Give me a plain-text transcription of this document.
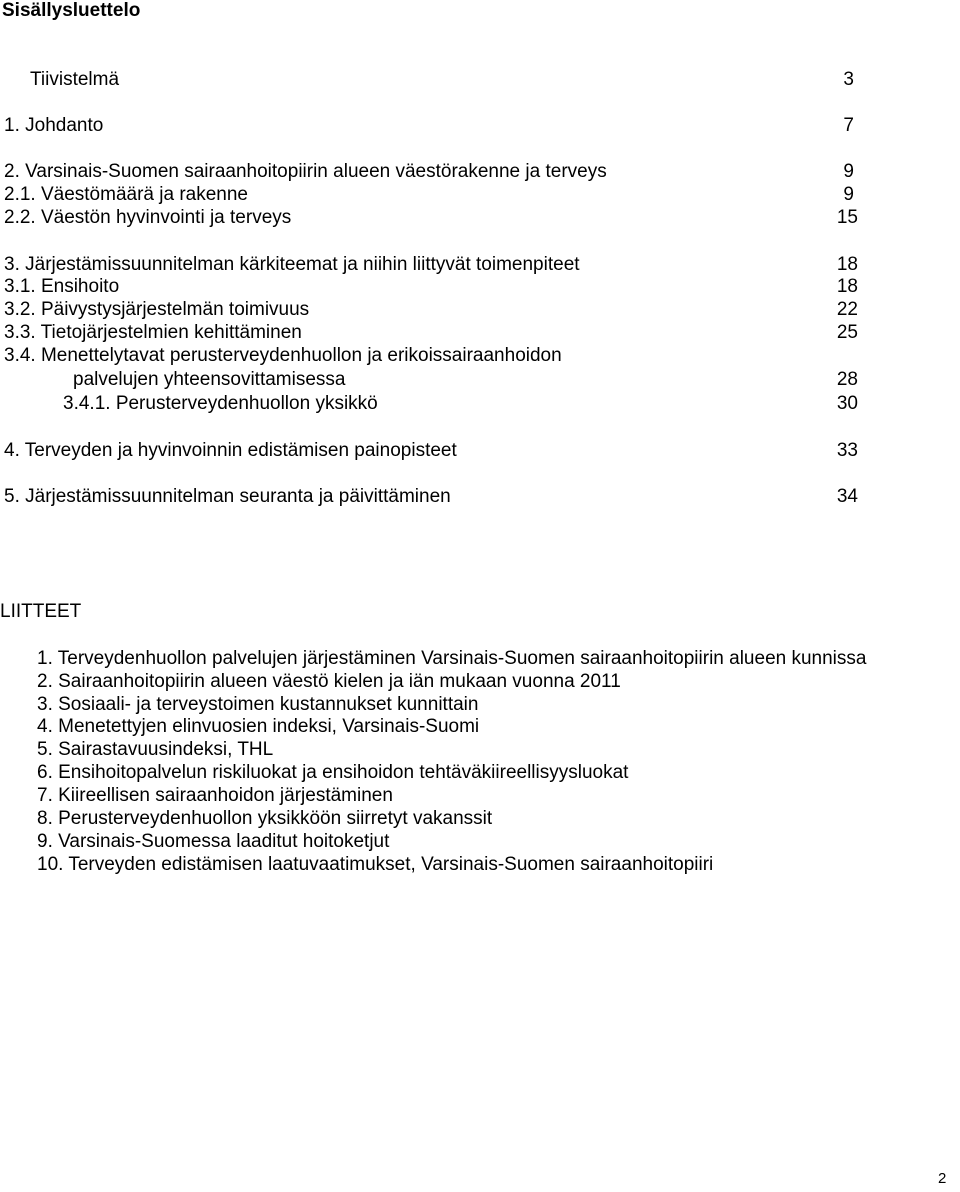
Sisällysluettelo
Tiivistelmä	3
1. Johdanto	7
2. Varsinais-Suomen sairaanhoitopiirin alueen väestörakenne ja terveys	9
2.1. Väestömäärä ja rakenne	9
2.2. Väestön hyvinvointi ja terveys	15
3. Järjestämissuunnitelman kärkiteemat ja niihin liittyvät toimenpiteet	18
3.1. Ensihoito	18
3.2. Päivystysjärjestelmän toimivuus	22
3.3. Tietojärjestelmien kehittäminen	25
3.4. Menettelytavat perusterveydenhuollon ja erikoissairaanhoidon
palvelujen yhteensovittamisessa	28
3.4.1. Perusterveydenhuollon yksikkö	30
4. Terveyden ja hyvinvoinnin edistämisen painopisteet	33
5. Järjestämissuunnitelman seuranta ja päivittäminen	34
LIITTEET
1. Terveydenhuollon palvelujen järjestäminen Varsinais-Suomen sairaanhoitopiirin alueen kunnissa
2. Sairaanhoitopiirin alueen väestö kielen ja iän mukaan vuonna 2011
3. Sosiaali- ja terveystoimen kustannukset kunnittain
4. Menetettyjen elinvuosien indeksi, Varsinais-Suomi
5. Sairastavuusindeksi, THL
6. Ensihoitopalvelun riskiluokat ja ensihoidon tehtäväkiireellisyysluokat
7. Kiireellisen sairaanhoidon järjestäminen
8. Perusterveydenhuollon yksikköön siirretyt vakanssit
9. Varsinais-Suomessa laaditut hoitoketjut
10. Terveyden edistämisen laatuvaatimukset, Varsinais-Suomen sairaanhoitopiiri
2
